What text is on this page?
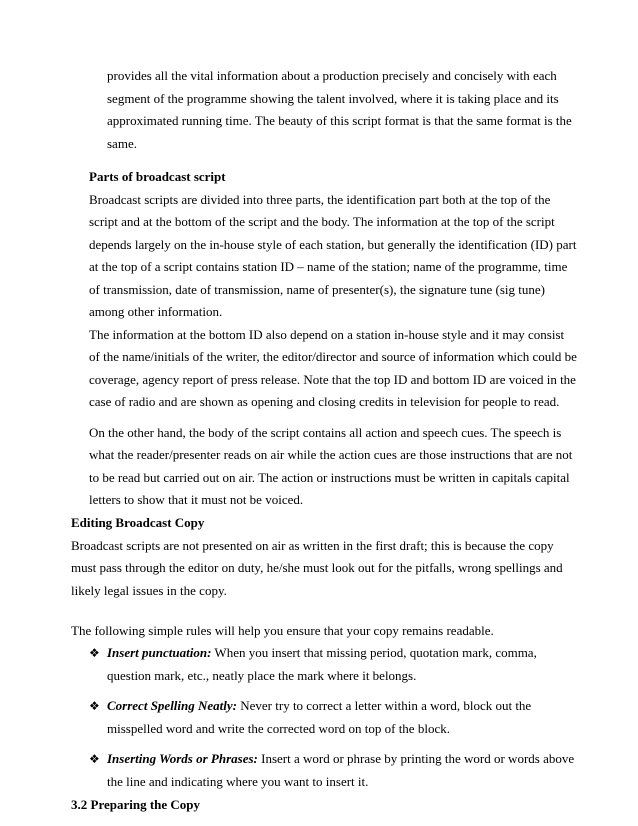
provides all the vital information about a production precisely and concisely with each segment of the programme showing the talent involved, where it is taking place and its approximated running time. The beauty of this script format is that the same format is the same.

Parts of broadcast script

Broadcast scripts are divided into three parts, the identification part both at the top of the script and at the bottom of the script and the body. The information at the top of the script depends largely on the in-house style of each station, but generally the identification (ID) part at the top of a script contains station ID – name of the station; name of the programme, time of transmission, date of transmission, name of presenter(s), the signature tune (sig tune) among other information.

The information at the bottom ID also depend on a station in-house style and it may consist of the name/initials of the writer, the editor/director and source of information which could be coverage, agency report of press release. Note that the top ID and bottom ID are voiced in the case of radio and are shown as opening and closing credits in television for people to read.

On the other hand, the body of the script contains all action and speech cues. The speech is what the reader/presenter reads on air while the action cues are those instructions that are not to be read but carried out on air. The action or instructions must be written in capitals capital letters to show that it must not be voiced.

Editing Broadcast Copy

Broadcast scripts are not presented on air as written in the first draft; this is because the copy must pass through the editor on duty, he/she must look out for the pitfalls, wrong spellings and likely legal issues in the copy.

The following simple rules will help you ensure that your copy remains readable.

❖ Insert punctuation: When you insert that missing period, quotation mark, comma, question mark, etc., neatly place the mark where it belongs.

❖ Correct Spelling Neatly: Never try to correct a letter within a word, block out the misspelled word and write the corrected word on top of the block.

❖ Inserting Words or Phrases: Insert a word or phrase by printing the word or words above the line and indicating where you want to insert it.

3.2 Preparing the Copy
